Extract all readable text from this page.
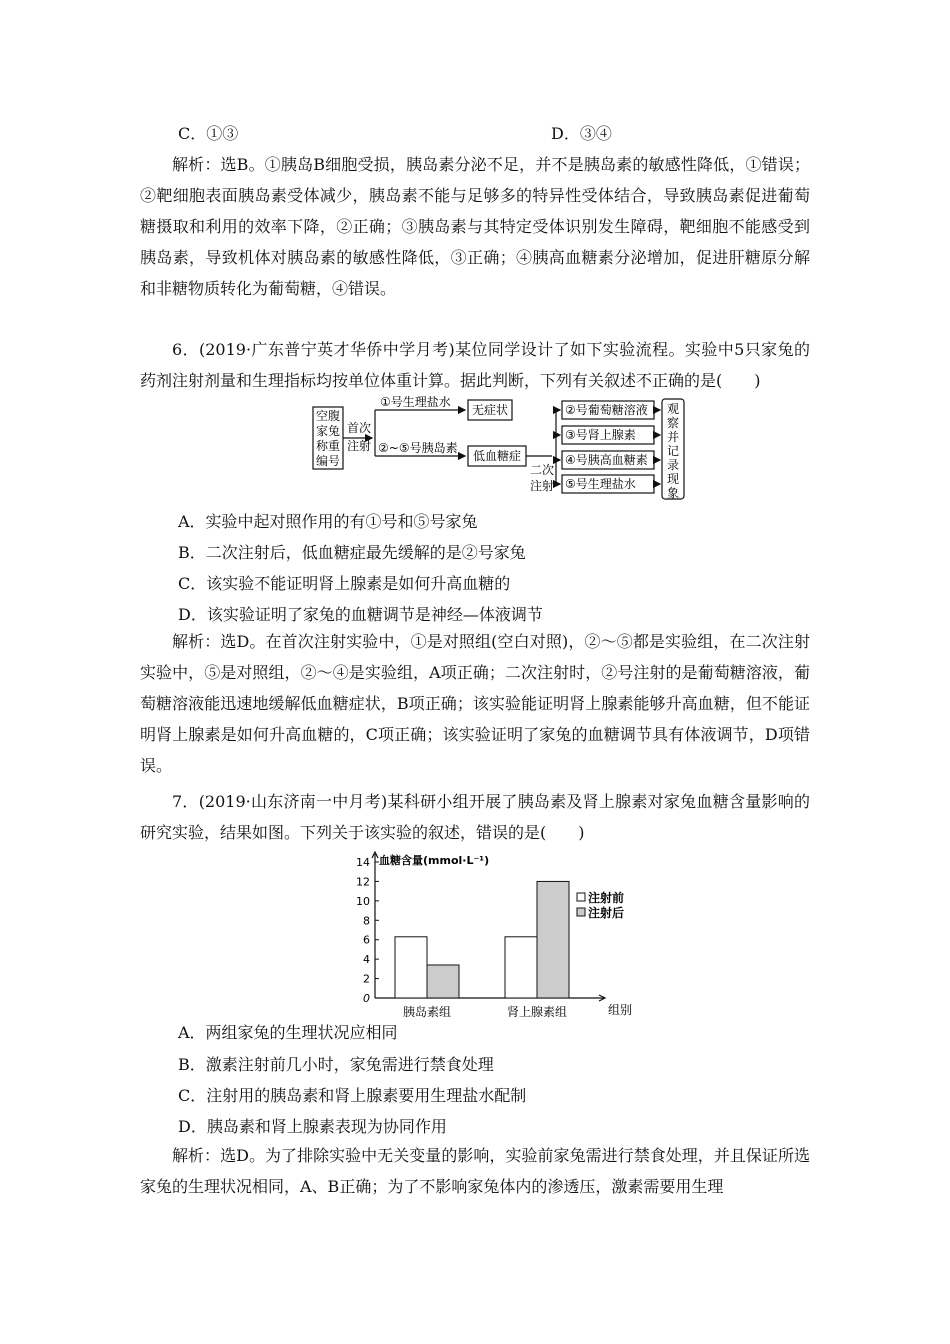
C．①③	D．③④
解析：选B。①胰岛B细胞受损，胰岛素分泌不足，并不是胰岛素的敏感性降低，①错误；②靶细胞表面胰岛素受体减少，胰岛素不能与足够多的特异性受体结合，导致胰岛素促进葡萄糖摄取和利用的效率下降，②正确；③胰岛素与其特定受体识别发生障碍，靶细胞不能感受到胰岛素，导致机体对胰岛素的敏感性降低，③正确；④胰高血糖素分泌增加，促进肝糖原分解和非糖物质转化为葡萄糖，④错误。
6．(2019·广东普宁英才华侨中学月考)某位同学设计了如下实验流程。实验中5只家兔的药剂注射剂量和生理指标均按单位体重计算。据此判断，下列有关叙述不正确的是(　　)
空腹
家兔
称重
编号
首次
注射
①号生理盐水
②~⑤号胰岛素
无症状
低血糖症
二次
注射
②号葡萄糖溶液
③号肾上腺素
④号胰高血糖素
⑤号生理盐水
观
察
并
记
录
现
象
A．实验中起对照作用的有①号和⑤号家兔
B．二次注射后，低血糖症最先缓解的是②号家兔
C．该实验不能证明肾上腺素是如何升高血糖的
D．该实验证明了家兔的血糖调节是神经—体液调节
解析：选D。在首次注射实验中，①是对照组(空白对照)，②～⑤都是实验组，在二次注射实验中，⑤是对照组，②～④是实验组，A项正确；二次注射时，②号注射的是葡萄糖溶液，葡萄糖溶液能迅速地缓解低血糖症状，B项正确；该实验能证明肾上腺素能够升高血糖，但不能证明肾上腺素是如何升高血糖的，C项正确；该实验证明了家兔的血糖调节具有体液调节，D项错误。
7．(2019·山东济南一中月考)某科研小组开展了胰岛素及肾上腺素对家兔血糖含量影响的研究实验，结果如图。下列关于该实验的叙述，错误的是(　　)
0
2
4
6
8
10
12
14 血糖含量(mmol·L⁻¹)
胰岛素组	肾上腺素组	组别
注射前
注射后
A．两组家兔的生理状况应相同
B．激素注射前几小时，家兔需进行禁食处理
C．注射用的胰岛素和肾上腺素要用生理盐水配制
D．胰岛素和肾上腺素表现为协同作用
解析：选D。为了排除实验中无关变量的影响，实验前家兔需进行禁食处理，并且保证所选家兔的生理状况相同，A、B正确；为了不影响家兔体内的渗透压，激素需要用生理
